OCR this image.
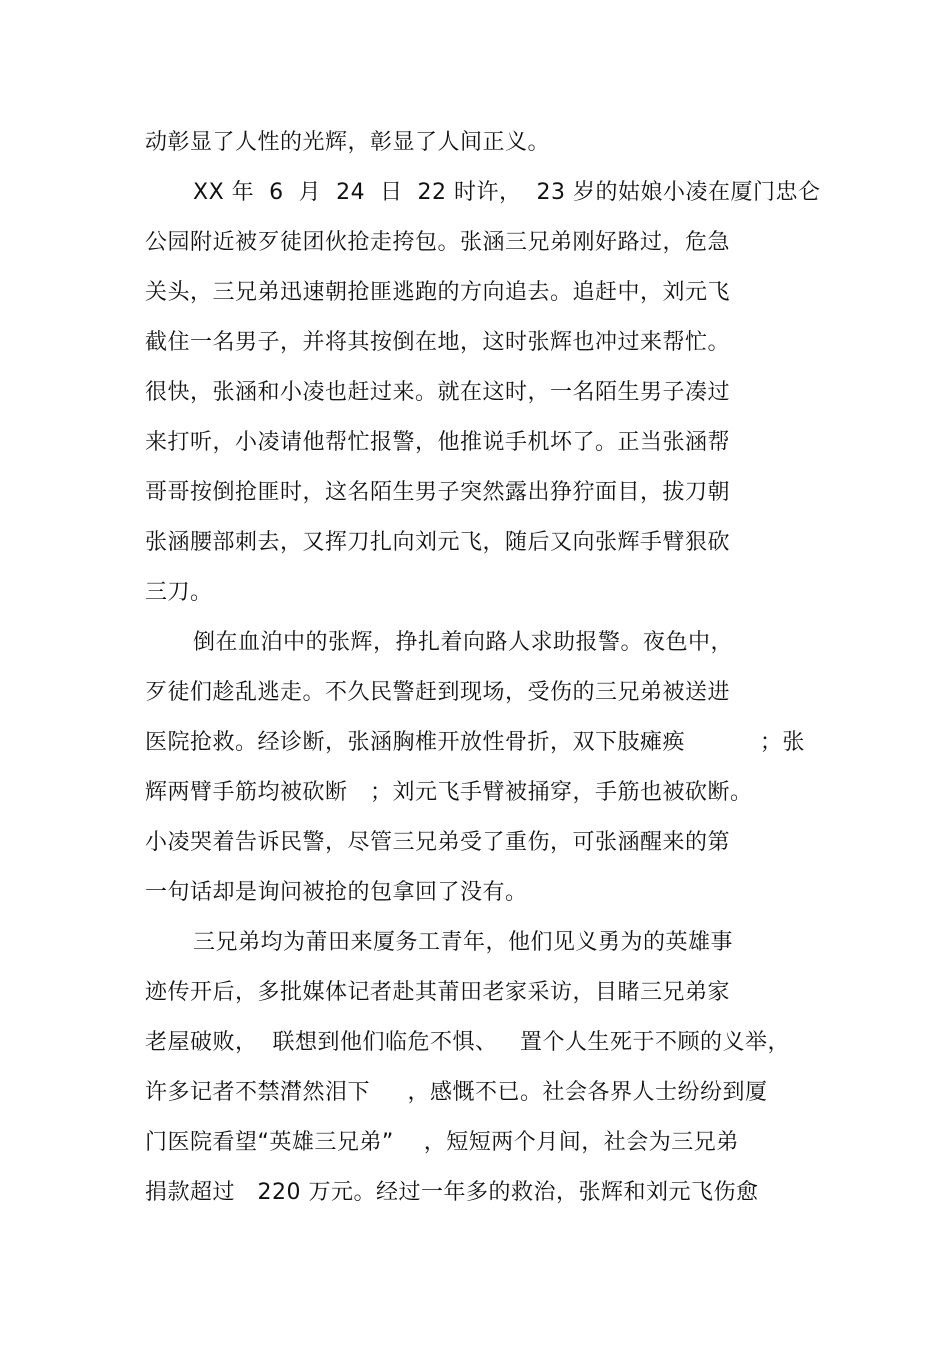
动彰显了人性的光辉，彰显了人间正义。
XX 年  6  月  24  日  22 时许，  23 岁的姑娘小凌在厦门忠仑
公园附近被歹徒团伙抢走挎包。张涵三兄弟刚好路过，危急
关头，三兄弟迅速朝抢匪逃跑的方向追去。追赶中，刘元飞
截住一名男子，并将其按倒在地，这时张辉也冲过来帮忙。
很快，张涵和小凌也赶过来。就在这时，一名陌生男子凑过
来打听，小凌请他帮忙报警，他推说手机坏了。正当张涵帮
哥哥按倒抢匪时，这名陌生男子突然露出狰狞面目，拔刀朝
张涵腰部刺去，又挥刀扎向刘元飞，随后又向张辉手臂狠砍
三刀。
倒在血泊中的张辉，挣扎着向路人求助报警。夜色中，
歹徒们趁乱逃走。不久民警赶到现场，受伤的三兄弟被送进
医院抢救。经诊断，张涵胸椎开放性骨折，双下肢瘫痪          ；张
辉两臂手筋均被砍断   ；刘元飞手臂被捅穿，手筋也被砍断。
小凌哭着告诉民警，尽管三兄弟受了重伤，可张涵醒来的第
一句话却是询问被抢的包拿回了没有。
三兄弟均为莆田来厦务工青年，他们见义勇为的英雄事
迹传开后，多批媒体记者赴其莆田老家采访，目睹三兄弟家
老屋破败，  联想到他们临危不惧、   置个人生死于不顾的义举，
许多记者不禁潸然泪下     ，感慨不已。社会各界人士纷纷到厦
门医院看望“英雄三兄弟”    ，短短两个月间，社会为三兄弟
捐款超过   220 万元。经过一年多的救治，张辉和刘元飞伤愈
